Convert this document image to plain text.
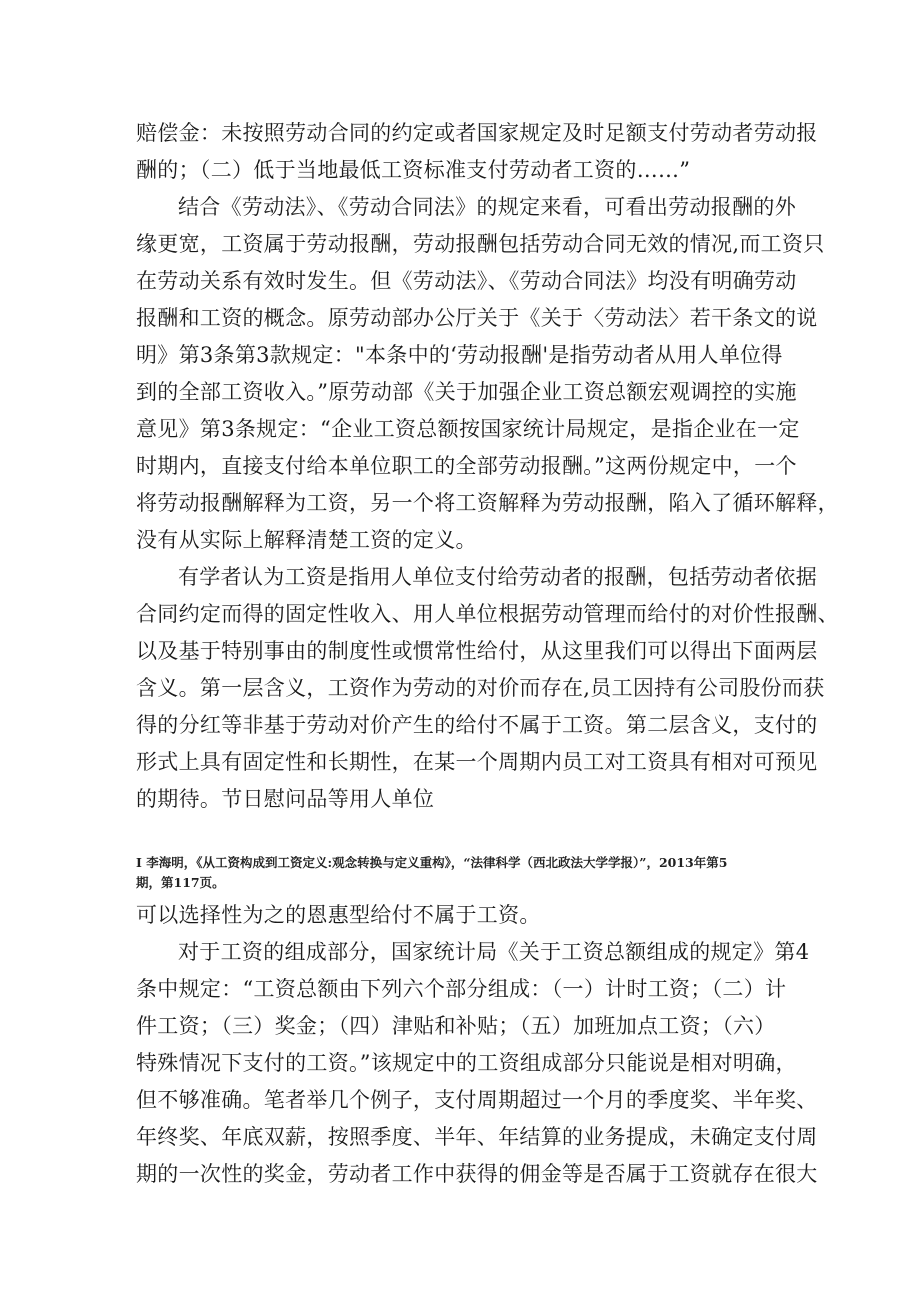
赔偿金：未按照劳动合同的约定或者国家规定及时足额支付劳动者劳动报
酬的；（二）低于当地最低工资标准支付劳动者工资的……”
结合《劳动法》、《劳动合同法》的规定来看，可看出劳动报酬的外
缘更宽，工资属于劳动报酬，劳动报酬包括劳动合同无效的情况,而工资只
在劳动关系有效时发生。但《劳动法》、《劳动合同法》均没有明确劳动
报酬和工资的概念。原劳动部办公厅关于《关于〈劳动法〉若干条文的说
明》第3条第3款规定："本条中的‘劳动报酬'是指劳动者从用人单位得
到的全部工资收入。”原劳动部《关于加强企业工资总额宏观调控的实施
意见》第3条规定：“企业工资总额按国家统计局规定，是指企业在一定
时期内，直接支付给本单位职工的全部劳动报酬。”这两份规定中，一个
将劳动报酬解释为工资，另一个将工资解释为劳动报酬，陷入了循环解释，
没有从实际上解释清楚工资的定义。
有学者认为工资是指用人单位支付给劳动者的报酬，包括劳动者依据
合同约定而得的固定性收入、用人单位根据劳动管理而给付的对价性报酬、
以及基于特别事由的制度性或惯常性给付，从这里我们可以得出下面两层
含义。第一层含义，工资作为劳动的对价而存在,员工因持有公司股份而获
得的分红等非基于劳动对价产生的给付不属于工资。第二层含义，支付的
形式上具有固定性和长期性，在某一个周期内员工对工资具有相对可预见
的期待。节日慰问品等用人单位
I 李海明，《从工资构成到工资定义:观念转换与定义重构》，“法律科学（西北政法大学学报）”，2013年第5
期，第117页。
可以选择性为之的恩惠型给付不属于工资。
对于工资的组成部分，国家统计局《关于工资总额组成的规定》第4
条中规定：“工资总额由下列六个部分组成：（一）计时工资；（二）计
件工资；（三）奖金；（四）津贴和补贴；（五）加班加点工资；（六）
特殊情况下支付的工资。”该规定中的工资组成部分只能说是相对明确，
但不够准确。笔者举几个例子，支付周期超过一个月的季度奖、半年奖、
年终奖、年底双薪，按照季度、半年、年结算的业务提成，未确定支付周
期的一次性的奖金，劳动者工作中获得的佣金等是否属于工资就存在很大
